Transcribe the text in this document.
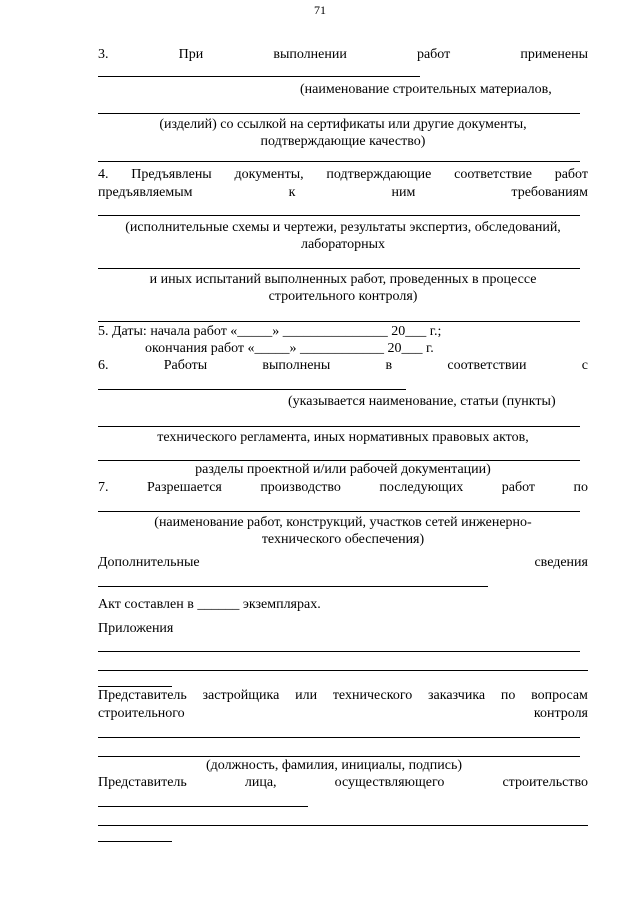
71
3.	При	выполнении	работ	применены
(наименование строительных материалов,
(изделий) со ссылкой на сертификаты или другие документы,
подтверждающие качество)
4. Предъявлены документы, подтверждающие соответствие работ
предъявляемым	к	ним	требованиям
(исполнительные схемы и чертежи, результаты экспертиз, обследований,
лабораторных
и иных испытаний выполненных работ, проведенных в процессе
строительного контроля)
5. Даты: начала работ «_____» _______________ 20___ г.;
окончания работ «_____» ____________ 20___ г.
6.	Работы	выполнены	в	соответствии	с
(указывается наименование, статьи (пункты)
технического регламента, иных нормативных правовых актов,
разделы проектной и/или рабочей документации)
7.	Разрешается	производство	последующих	работ	по
(наименование работ, конструкций, участков сетей инженерно-
технического обеспечения)
Дополнительные	сведения
Акт составлен в ______ экземплярах.
Приложения
Представитель застройщика или технического заказчика по вопросам
строительного	контроля
(должность, фамилия, инициалы, подпись)
Представитель	лица,	осуществляющего	строительство
